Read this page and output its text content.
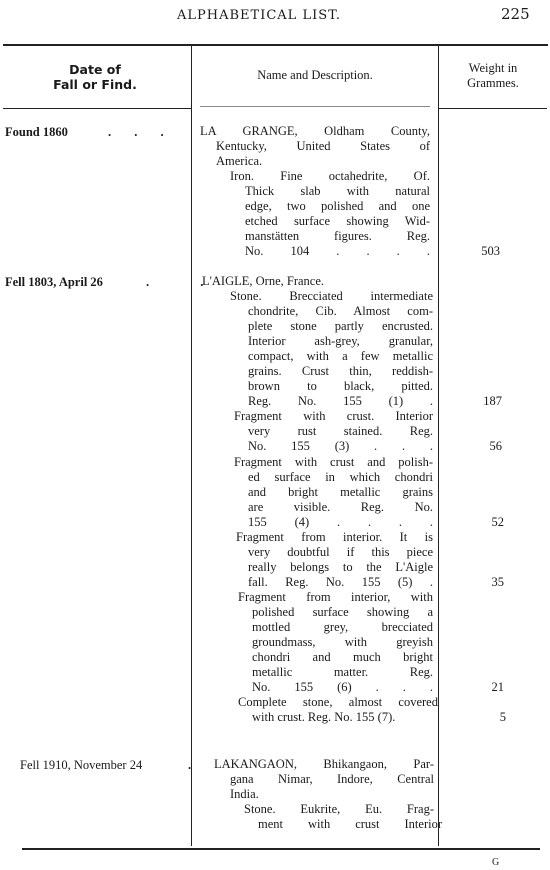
ALPHABETICAL LIST.	225
Date of
Fall or Find.
Name and Description.	Weight in
Grammes.
Found 1860	. . . LA GRANGE, Oldham County,
Kentucky, United States of
America.
Iron. Fine octahedrite, Of.
Thick slab with natural
edge, two polished and one
etched surface showing Wid-
manstätten figures. Reg.
No. 104 . . . .	503
Fell 1803, April 26	. .
L'AIGLE, Orne, France.
Stone. Brecciated intermediate
chondrite, Cib. Almost com-
plete stone partly encrusted.
Interior ash-grey, granular,
compact, with a few metallic
grains. Crust thin, reddish-
brown to black, pitted.
Reg. No. 155 (1) .	187
Fragment with crust. Interior
very rust stained. Reg.
No. 155 (3) . . .	56
Fragment with crust and polish-
ed surface in which chondri
and bright metallic grains
are visible. Reg. No.
155 (4) . . . .	52
Fragment from interior. It is
very doubtful if this piece
really belongs to the L'Aigle
fall. Reg. No. 155 (5) .	35
Fragment from interior, with
polished surface showing a
mottled grey, brecciated
groundmass, with greyish
chondri and much bright
metallic matter. Reg.
No. 155 (6) . . .	21
Complete stone, almost covered
with crust. Reg. No. 155 (7).	5
Fell 1910, November 24	. LAKANGAON, Bhikangaon, Par-
gana Nimar, Indore, Central
India.
Stone. Eukrite, Eu. Frag-
ment with crust Interior
G
